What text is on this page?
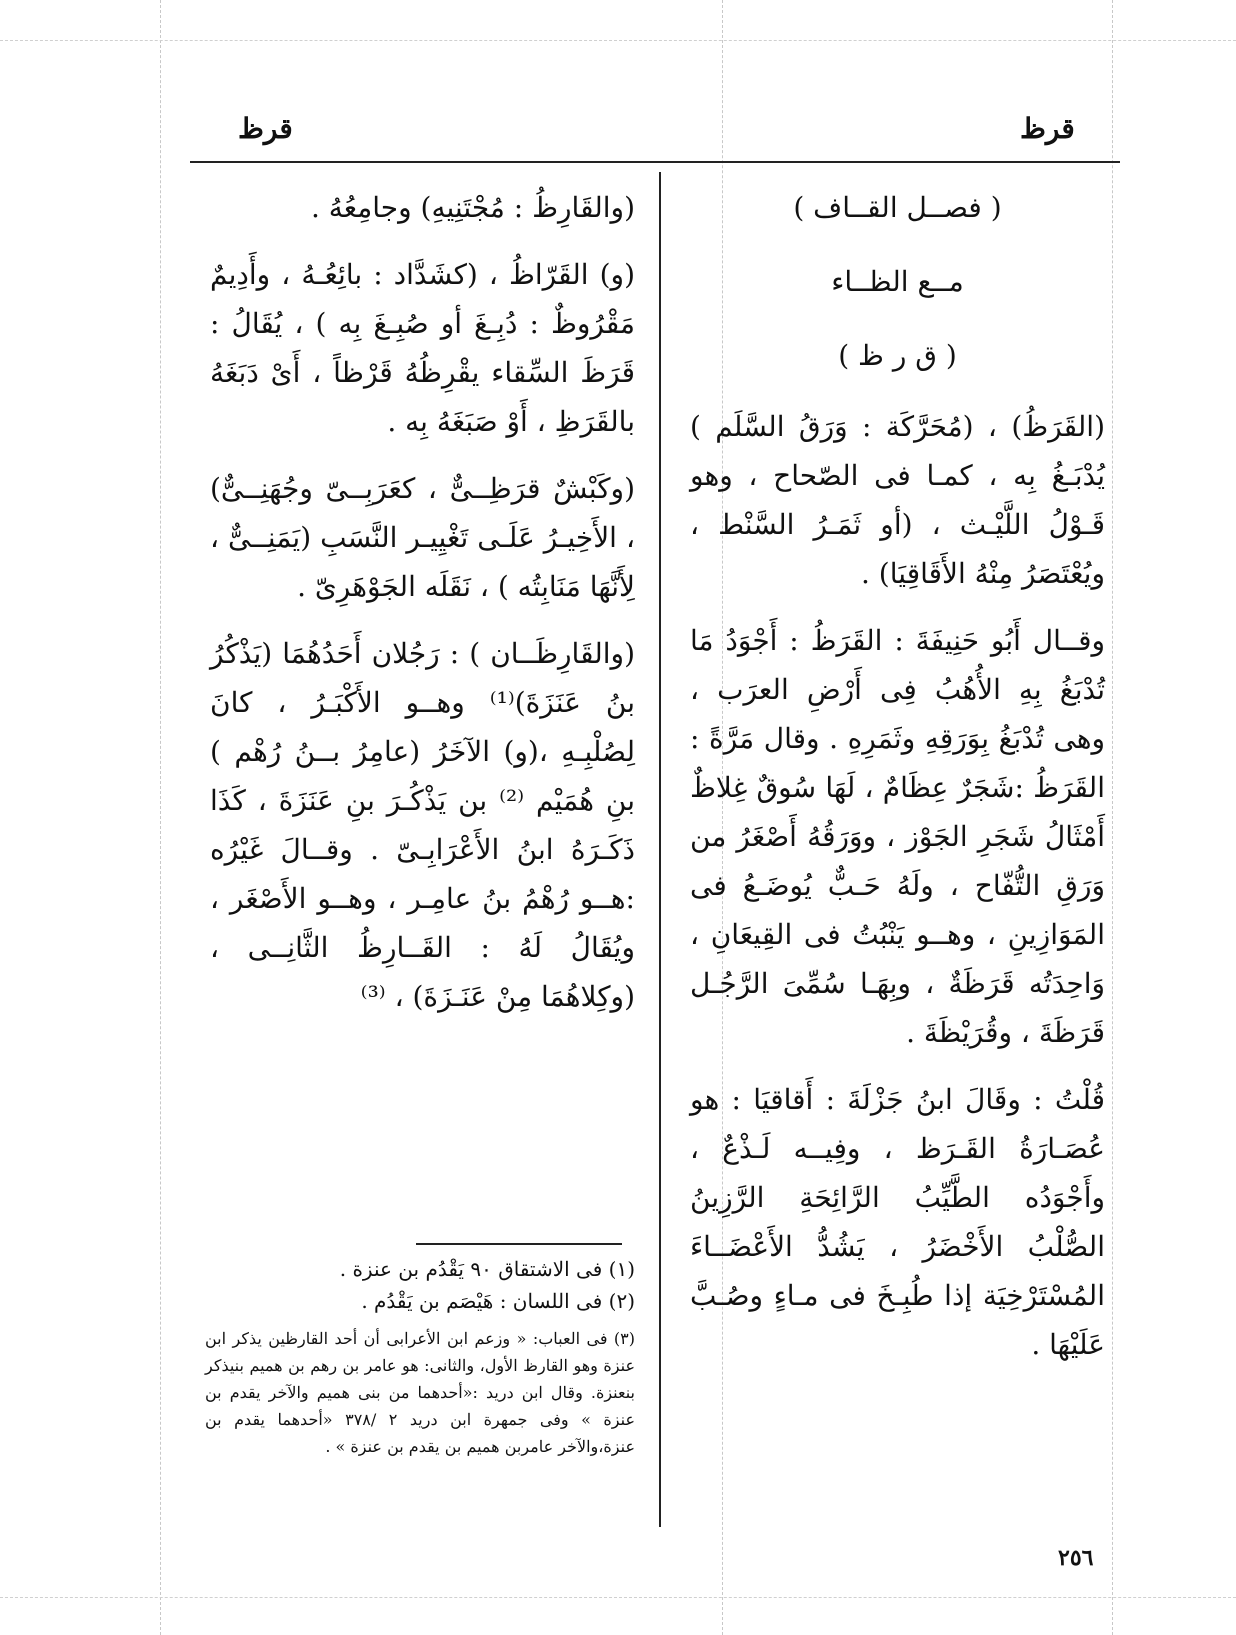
قرظ
قرظ
( فصــل القــاف )
مــع الظــاء
( ق ر ظ )

(القَرَظُ) ، (مُحَرَّكَة : وَرَقُ السَّلَم ) يُدْبَـغُ بِه ، كمـا فى الصّحاح ، وهو قَـوْلُ اللَّيْـث ، (أو ثَمَـرُ السَّنْط ، ويُعْتَصَرُ مِنْهُ الأَقَاقِيَا) .

وقــال أَبُو حَنِيفَةَ : القَرَظُ : أَجْوَدُ مَا تُدْبَغُ بِهِ الأُهُبُ فِى أَرْضِ العرَب ، وهى تُدْبَغُ بِوَرَقِهِ وثَمَرِهِ . وقال مَرَّةً : القَرَظُ :شَجَرٌ عِظَامٌ ، لَهَا سُوقٌ غِلاظٌ أَمْثَالُ شَجَرِ الجَوْز ، ووَرَقُهُ أَصْغَرُ من وَرَقِ التُّفّاح ، ولَهُ حَـبٌّ يُوضَـعُ فى المَوَازِينِ ، وهــو يَنْبُتُ فى القِيعَانِ ، وَاحِدَتُه قَرَظَةٌ ، وبِهَـا سُمِّىَ الرَّجُـل قَرَظَةَ ، وقُرَيْظَةَ .

قُلْتُ : وقَالَ ابنُ جَزْلَةَ : أَقاقيَا : هو عُصَـارَةُ القَـرَظ ، وفِيــه لَـذْعٌ ، وأَجْوَدُه الطَّيِّبُ الرَّائِحَةِ الرَّزِينُ الصُّلْبُ الأَخْضَرُ ، يَشُدُّ الأَعْضَــاءَ المُسْتَرْخِيَة إذا طُبِـخَ فى مـاءٍ وصُـبَّ عَلَيْهَا .

(والقَارِظُ : مُجْتَنِيهِ) وجامِعُهُ .

(و) القَرّاظُ ، (كشَدَّاد : بائِعُـهُ ، وأَدِيمٌ مَقْرُوظٌ : دُبِـغَ أو صُبِـغَ بِه ) ، يُقَالُ : قَرَظَ السِّقاء يقْرِظُهُ قَرْظاً ، أَىْ دَبَغَهُ بالقَرَظِ ، أَوْ صَبَغَهُ بِه .

(وكَبْشٌ قرَظِــىٌّ ، كعَرَبِــىّ وجُهَنِــىٌّ) ، الأَخِيـرُ عَلَـى تَغْيِيـر النَّسَبِ (يَمَنِــىٌّ ، لِأَنَّهَا مَنَابِتُه ) ، نَقَلَه الجَوْهَرِىّ .

(والقَارِظَــان ) : رَجُلان أَحَدُهُمَا (يَذْكُرُ بنُ عَنَزَةَ)⁽¹⁾ وهــو الأَكْبَـرُ ، كانَ لِصُلْبِـهِ ،(و) الآخَرُ (عامِرُ بــنُ رُهْم ) بنِ هُمَيْم ⁽²⁾ بن يَذْكُـرَ بنِ عَنَزَةَ ، كَذَا ذَكَـرَهُ ابنُ الأَعْرَابِـىّ . وقــالَ غَيْرُه :هــو رُهْمُ بنُ عامِـر ، وهــو الأَصْغَر ، ويُقَالُ لَهُ : القَــارِظُ الثَّانِــى ، (وكِلاهُمَا مِنْ عَنَـزَةَ) ، ⁽³⁾

(١) فى الاشتقاق ٩٠ يَقْدُم بن عنزة .

(٢) فى اللسان : هَيْصَم بن يَقْدُم .

(٣) فى العباب: « وزعم ابن الأعرابى أن أحد القارظين يذكر ابن عنزة وهو القارظ الأول، والثانى: هو عامر بن رهم بن هميم بنيذكر بنعنزة. وقال ابن دريد :«أحدهما من بنى هميم والآخر يقدم بن عنزة » وفى جمهرة ابن دريد ٢ /٣٧٨ «أحدهما يقدم بن عنزة،والآخر عامربن هميم بن يقدم بن عنزة » .

٢٥٦
